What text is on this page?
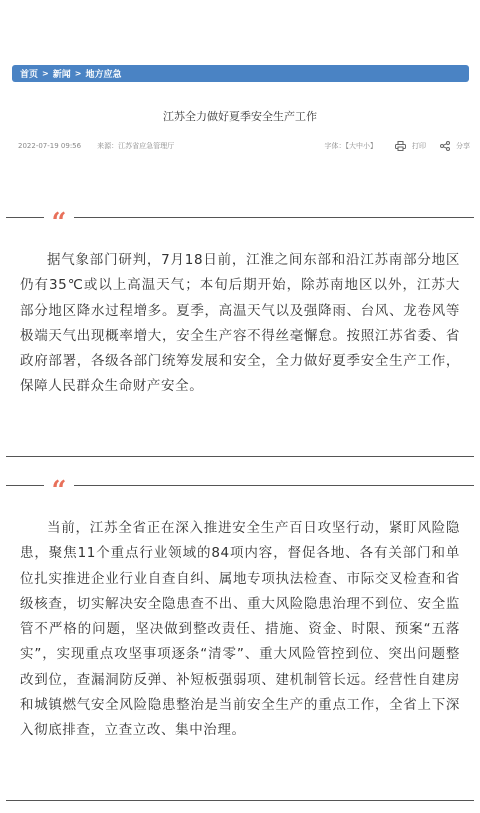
首页 > 新闻 > 地方应急
江苏全力做好夏季安全生产工作
2022-07-19 09:56 来源：江苏省应急管理厅	字体：【大中小】	打印	分享
“

据气象部门研判，7月18日前，江淮之间东部和沿江苏南部分地区仍有35℃或以上高温天气；本旬后期开始，除苏南地区以外，江苏大部分地区降水过程增多。夏季，高温天气以及强降雨、台风、龙卷风等极端天气出现概率增大，安全生产容不得丝毫懈怠。按照江苏省委、省政府部署，各级各部门统筹发展和安全，全力做好夏季安全生产工作，保障人民群众生命财产安全。

“

当前，江苏全省正在深入推进安全生产百日攻坚行动，紧盯风险隐患，聚焦11个重点行业领域的84项内容，督促各地、各有关部门和单位扎实推进企业行业自查自纠、属地专项执法检查、市际交叉检查和省级核查，切实解决安全隐患查不出、重大风险隐患治理不到位、安全监管不严格的问题，坚决做到整改责任、措施、资金、时限、预案“五落实”，实现重点攻坚事项逐条“清零”、重大风险管控到位、突出问题整改到位，查漏洞防反弹、补短板强弱项、建机制管长远。经营性自建房和城镇燃气安全风险隐患整治是当前安全生产的重点工作，全省上下深入彻底排查，立查立改、集中治理。
